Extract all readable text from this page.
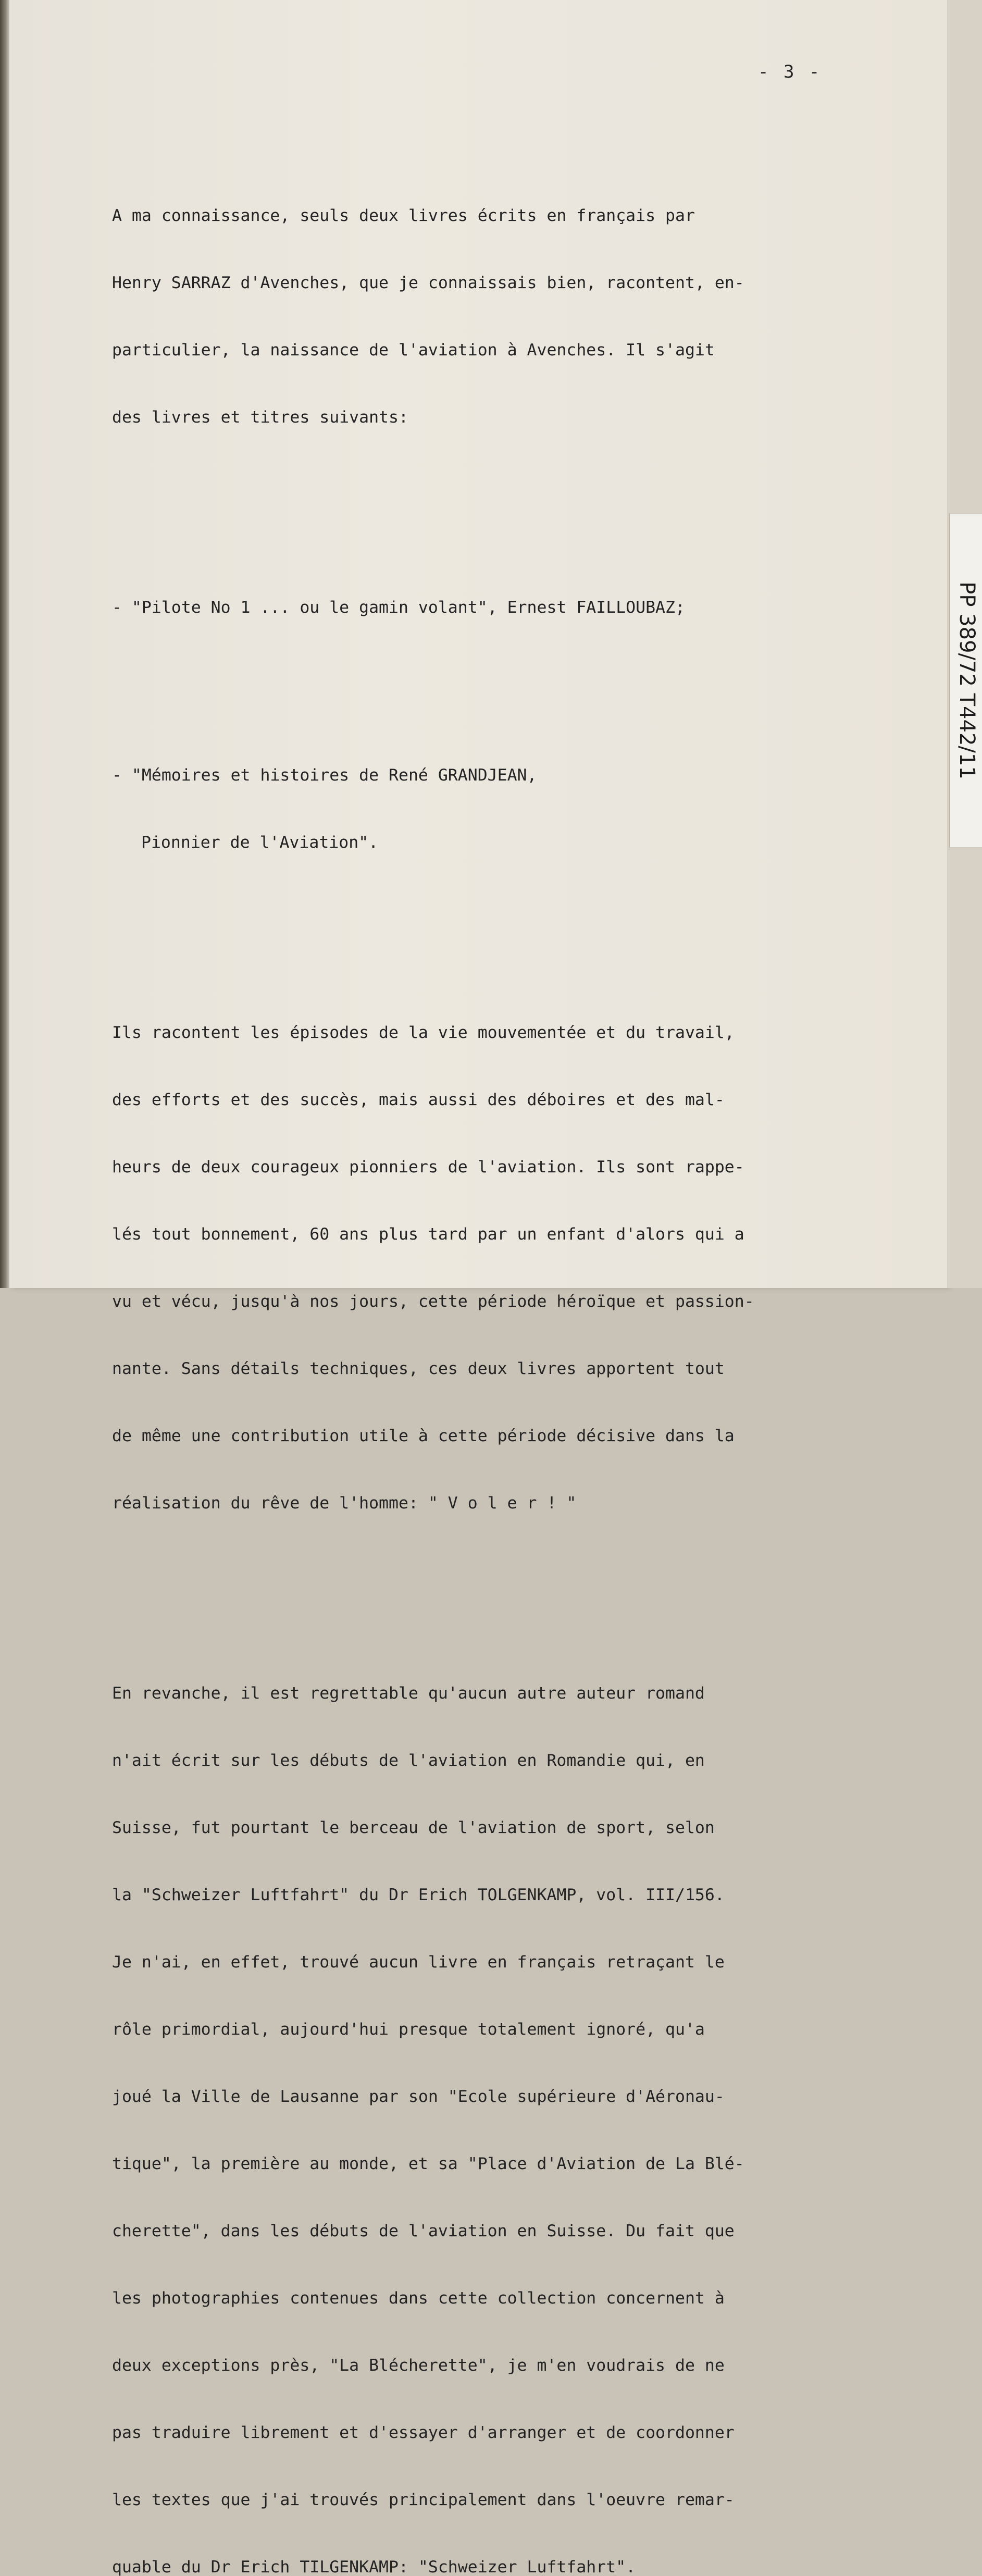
- 3 -

A ma connaissance, seuls deux livres écrits en français par

Henry SARRAZ d'Avenches, que je connaissais bien, racontent, en-

particulier, la naissance de l'aviation à Avenches. Il s'agit

des livres et titres suivants:

- "Pilote No 1 ... ou le gamin volant", Ernest FAILLOUBAZ;

- "Mémoires et histoires de René GRANDJEAN,

Pionnier de l'Aviation".

Ils racontent les épisodes de la vie mouvementée et du travail,

des efforts et des succès, mais aussi des déboires et des mal-

heurs de deux courageux pionniers de l'aviation. Ils sont rappe-

lés tout bonnement, 60 ans plus tard par un enfant d'alors qui a

vu et vécu, jusqu'à nos jours, cette période héroïque et passion-

nante. Sans détails techniques, ces deux livres apportent tout

de même une contribution utile à cette période décisive dans la

réalisation du rêve de l'homme: " V o l e r ! "

En revanche, il est regrettable qu'aucun autre auteur romand

n'ait écrit sur les débuts de l'aviation en Romandie qui, en

Suisse, fut pourtant le berceau de l'aviation de sport, selon

la "Schweizer Luftfahrt" du Dr Erich TOLGENKAMP, vol. III/156.

Je n'ai, en effet, trouvé aucun livre en français retraçant le

rôle primordial, aujourd'hui presque totalement ignoré, qu'a

joué la Ville de Lausanne par son "Ecole supérieure d'Aéronau-

tique", la première au monde, et sa "Place d'Aviation de La Blé-

cherette", dans les débuts de l'aviation en Suisse. Du fait que

les photographies contenues dans cette collection concernent à

deux exceptions près, "La Blécherette", je m'en voudrais de ne

pas traduire librement et d'essayer d'arranger et de coordonner

les textes que j'ai trouvés principalement dans l'oeuvre remar-

quable du Dr Erich TILGENKAMP: "Schweizer Luftfahrt".

PP 389/72 T442/11
